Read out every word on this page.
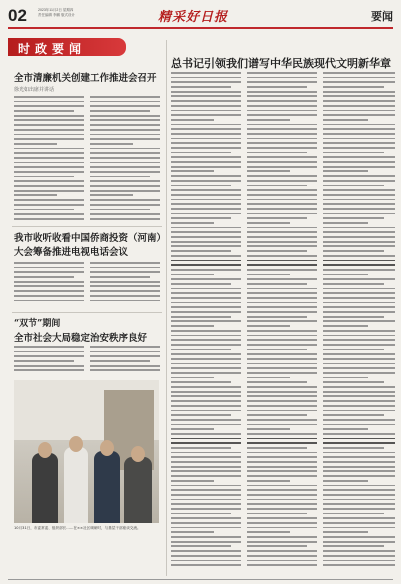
02	2023年11月2日 星期四
责任编辑 李鹏 版式设计	精采好日报	要闻
时政要闻
总书记引领我们谱写中华民族现代文明新华章
全市清廉机关创建工作推进会召开
徐光如出席并讲话
我市收听收看中国侨商投资（河南）
大会筹备推进电视电话会议
“双节”期间
全市社会大局稳定治安秩序良好
10月31日，市委常委、组织部长……在××社区调研时，与基层干部座谈交流。
